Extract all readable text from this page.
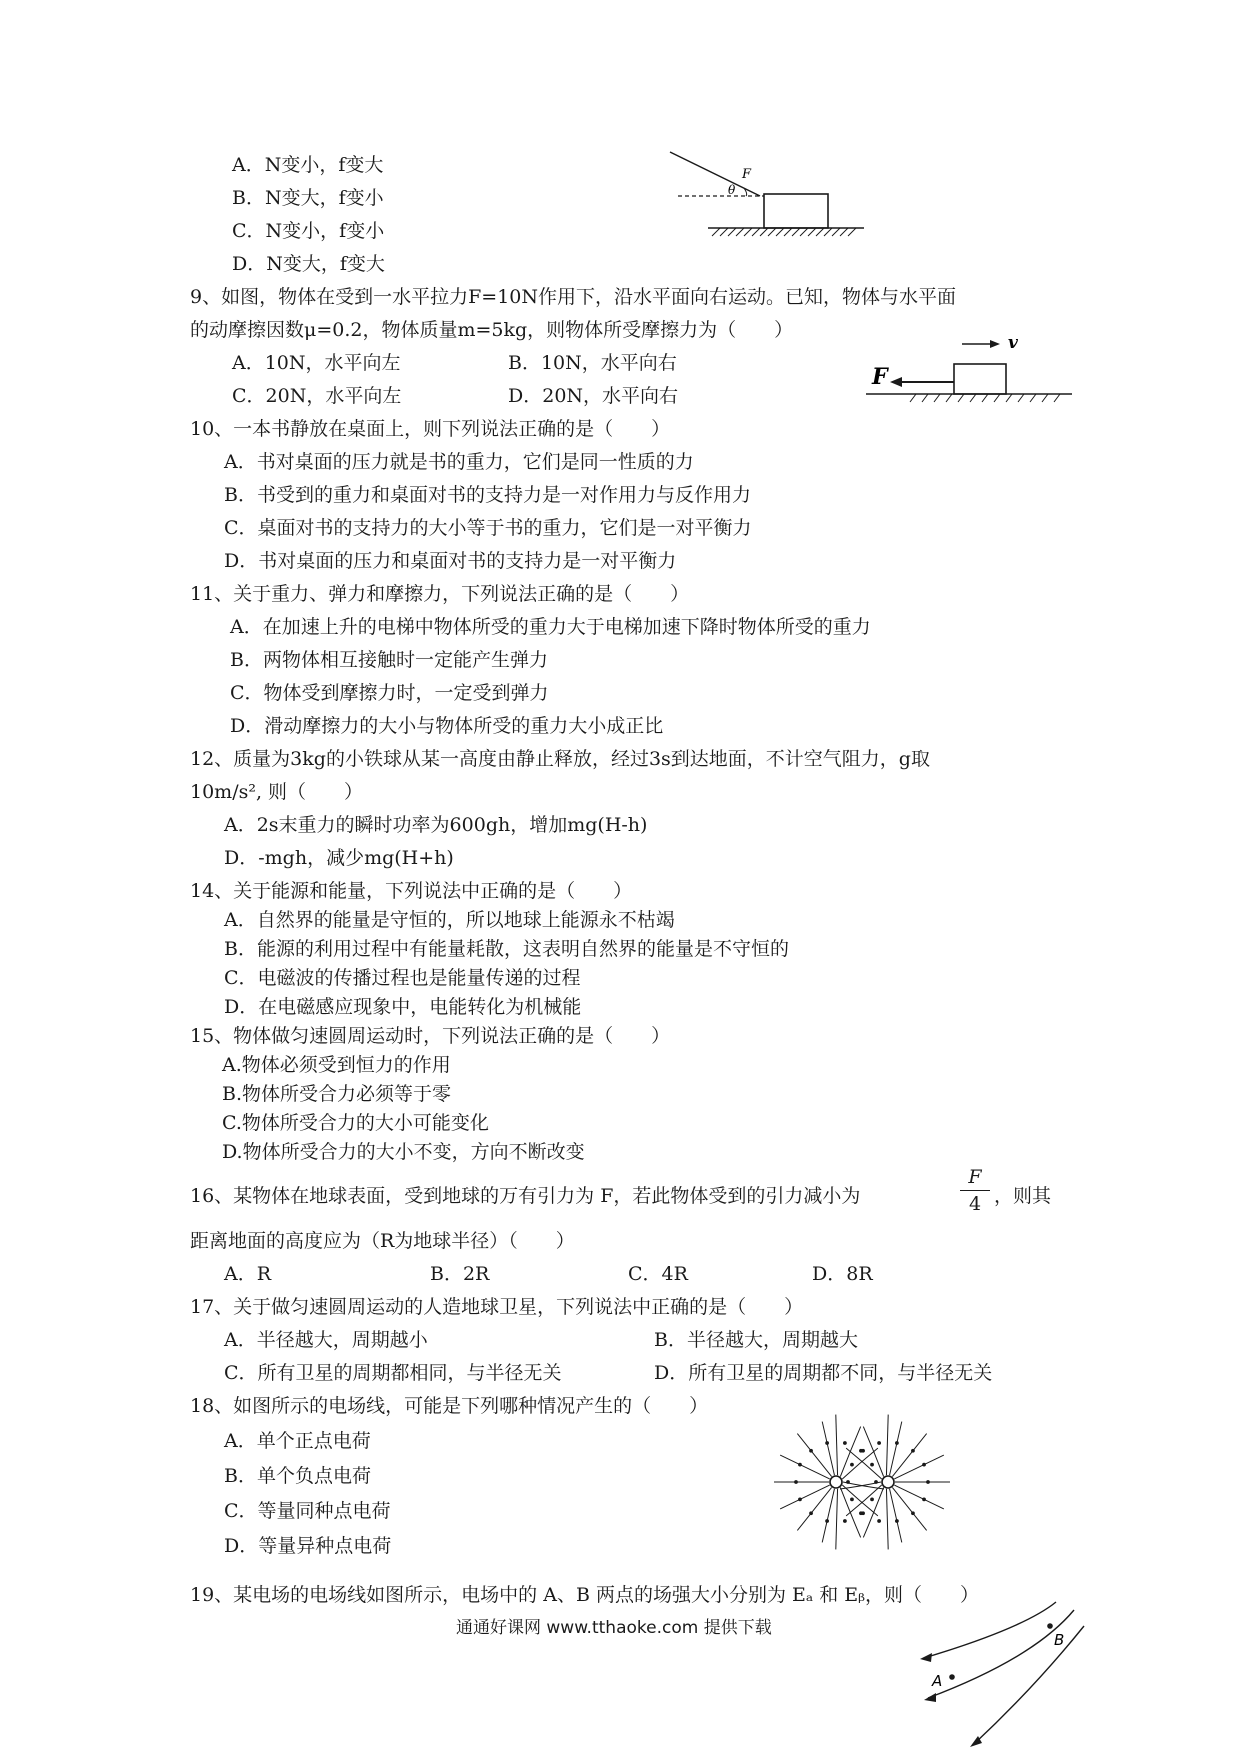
A．N变小，f变大
B．N变大，f变小
C．N变小，f变小
D．N变大，f变大
F
θ
9、如图，物体在受到一水平拉力F=10N作用下，沿水平面向右运动。已知，物体与水平面
的动摩擦因数μ=0.2，物体质量m=5kg，则物体所受摩擦力为（　　）
A．10N，水平向左	B．10N，水平向右
C．20N，水平向左	D．20N，水平向右
F
v
10、一本书静放在桌面上，则下列说法正确的是（　　）
A．书对桌面的压力就是书的重力，它们是同一性质的力
B．书受到的重力和桌面对书的支持力是一对作用力与反作用力
C．桌面对书的支持力的大小等于书的重力，它们是一对平衡力
D．书对桌面的压力和桌面对书的支持力是一对平衡力
11、关于重力、弹力和摩擦力，下列说法正确的是（　　）
A．在加速上升的电梯中物体所受的重力大于电梯加速下降时物体所受的重力
B．两物体相互接触时一定能产生弹力
C．物体受到摩擦力时，一定受到弹力
D．滑动摩擦力的大小与物体所受的重力大小成正比
12、质量为3kg的小铁球从某一高度由静止释放，经过3s到达地面，不计空气阻力，g取
10m/s², 则（　　）
A．2s末重力的瞬时功率为600gh，增加mg(H-h)
D．-mgh，减少mg(H+h)
14、关于能源和能量，下列说法中正确的是（　　）
A．自然界的能量是守恒的，所以地球上能源永不枯竭
B．能源的利用过程中有能量耗散，这表明自然界的能量是不守恒的
C．电磁波的传播过程也是能量传递的过程
D．在电磁感应现象中，电能转化为机械能
15、物体做匀速圆周运动时，下列说法正确的是（　　）
A.物体必须受到恒力的作用
B.物体所受合力必须等于零
C.物体所受合力的大小可能变化
D.物体所受合力的大小不变，方向不断改变
16、某物体在地球表面，受到地球的万有引力为 F，若此物体受到的引力减小为
F
4 ，则其
距离地面的高度应为（R为地球半径）（　　）
A．R	B．2R	C．4R	D．8R
17、关于做匀速圆周运动的人造地球卫星，下列说法中正确的是（　　）
A．半径越大，周期越小	B．半径越大，周期越大
C．所有卫星的周期都相同，与半径无关	D．所有卫星的周期都不同，与半径无关
18、如图所示的电场线，可能是下列哪种情况产生的（　　）
A．单个正点电荷
B．单个负点电荷
C．等量同种点电荷
D．等量异种点电荷
19、某电场的电场线如图所示，电场中的 A、B 两点的场强大小分别为 Eₐ 和 Eᵦ，则（　　）
A
B
通通好课网 www.tthaoke.com 提供下载
